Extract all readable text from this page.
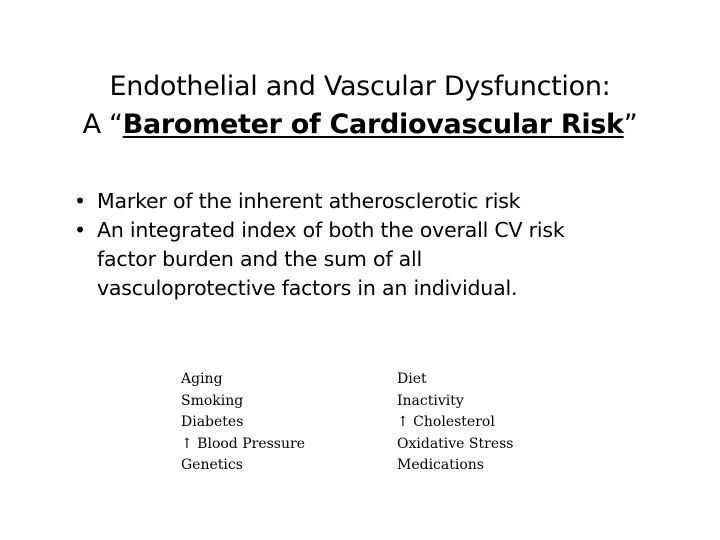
Endothelial and Vascular Dysfunction:
A “Barometer of Cardiovascular Risk”
• Marker of the inherent atherosclerotic risk
• An integrated index of both the overall CV risk
factor burden and the sum of all
vasculoprotective factors in an individual.
Aging
Smoking
Diabetes
↑ Blood Pressure
Genetics
Diet
Inactivity
↑ Cholesterol
Oxidative Stress
Medications
